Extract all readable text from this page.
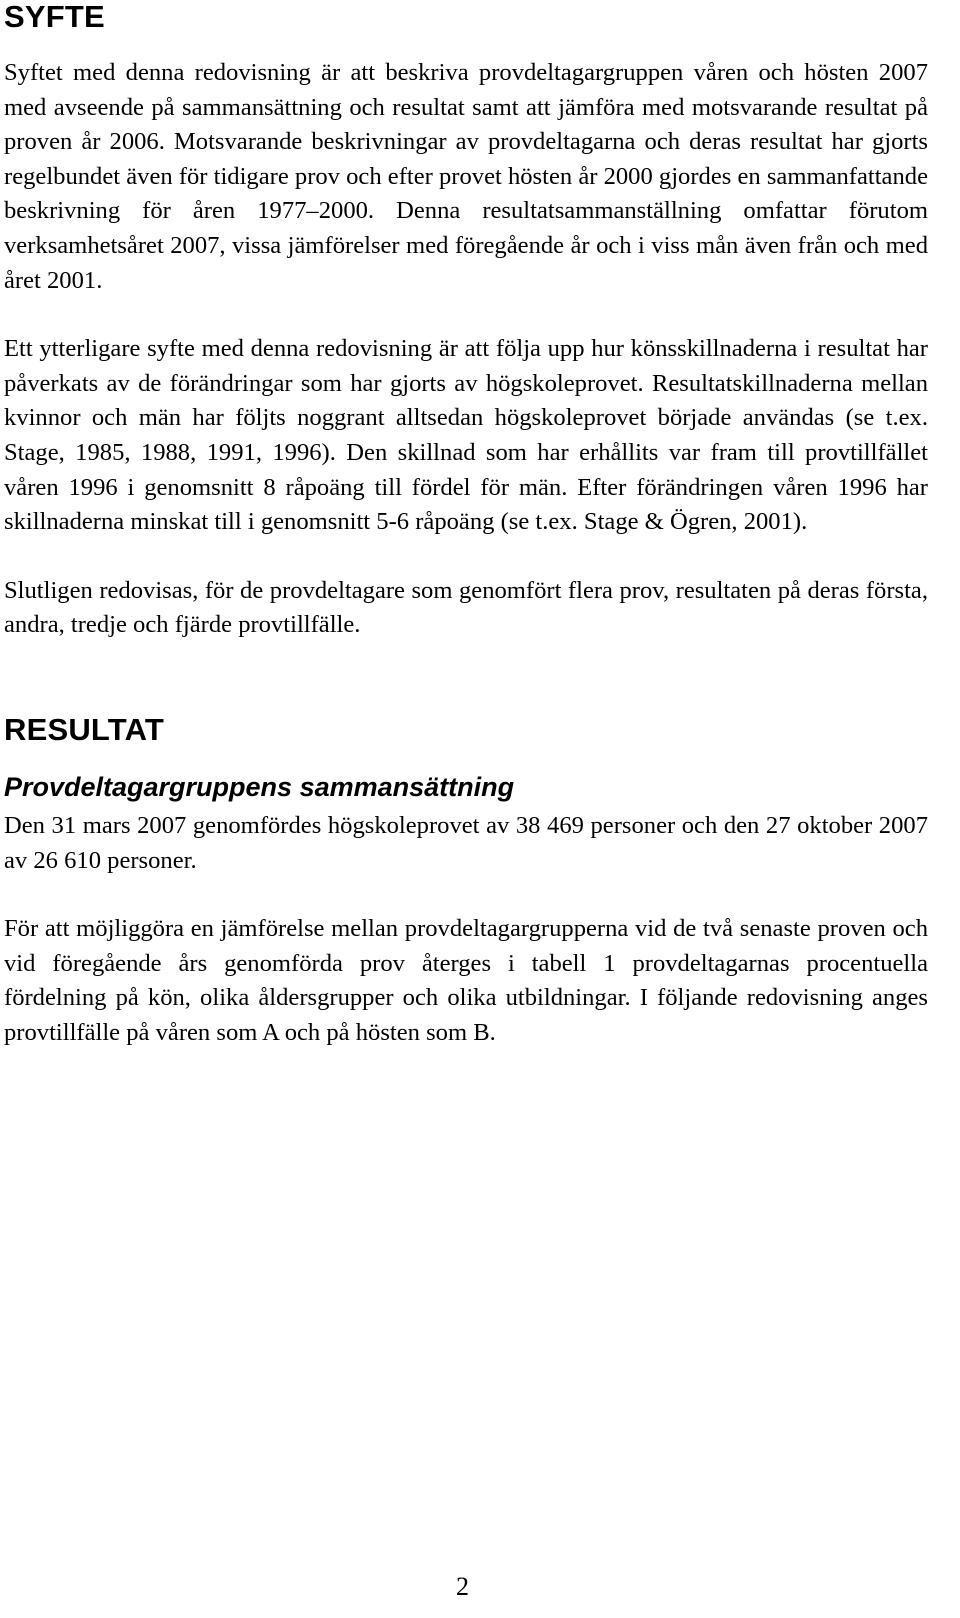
SYFTE

Syftet med denna redovisning är att beskriva provdeltagargruppen våren och hösten 2007 med avseende på sammansättning och resultat samt att jämföra med motsvarande resultat på proven år 2006. Motsvarande beskrivningar av provdeltagarna och deras resultat har gjorts regelbundet även för tidigare prov och efter provet hösten år 2000 gjordes en sammanfattande beskrivning för åren 1977–2000. Denna resultatsammanställning omfattar förutom verksamhetsåret 2007, vissa jämförelser med föregående år och i viss mån även från och med året 2001.

Ett ytterligare syfte med denna redovisning är att följa upp hur könsskillnaderna i resultat har påverkats av de förändringar som har gjorts av högskoleprovet. Resultatskillnaderna mellan kvinnor och män har följts noggrant alltsedan högskoleprovet började användas (se t.ex. Stage, 1985, 1988, 1991, 1996). Den skillnad som har erhållits var fram till provtillfället våren 1996 i genomsnitt 8 råpoäng till fördel för män. Efter förändringen våren 1996 har skillnaderna minskat till i genomsnitt 5-6 råpoäng (se t.ex. Stage & Ögren, 2001).

Slutligen redovisas, för de provdeltagare som genomfört flera prov, resultaten på deras första, andra, tredje och fjärde provtillfälle.

RESULTAT
Provdeltagargruppens sammansättning

Den 31 mars 2007 genomfördes högskoleprovet av 38 469 personer och den 27 oktober 2007 av 26 610 personer.

För att möjliggöra en jämförelse mellan provdeltagargrupperna vid de två senaste proven och vid föregående års genomförda prov återges i tabell 1 provdeltagarnas procentuella fördelning på kön, olika åldersgrupper och olika utbildningar. I följande redovisning anges provtillfälle på våren som A och på hösten som B.

2
